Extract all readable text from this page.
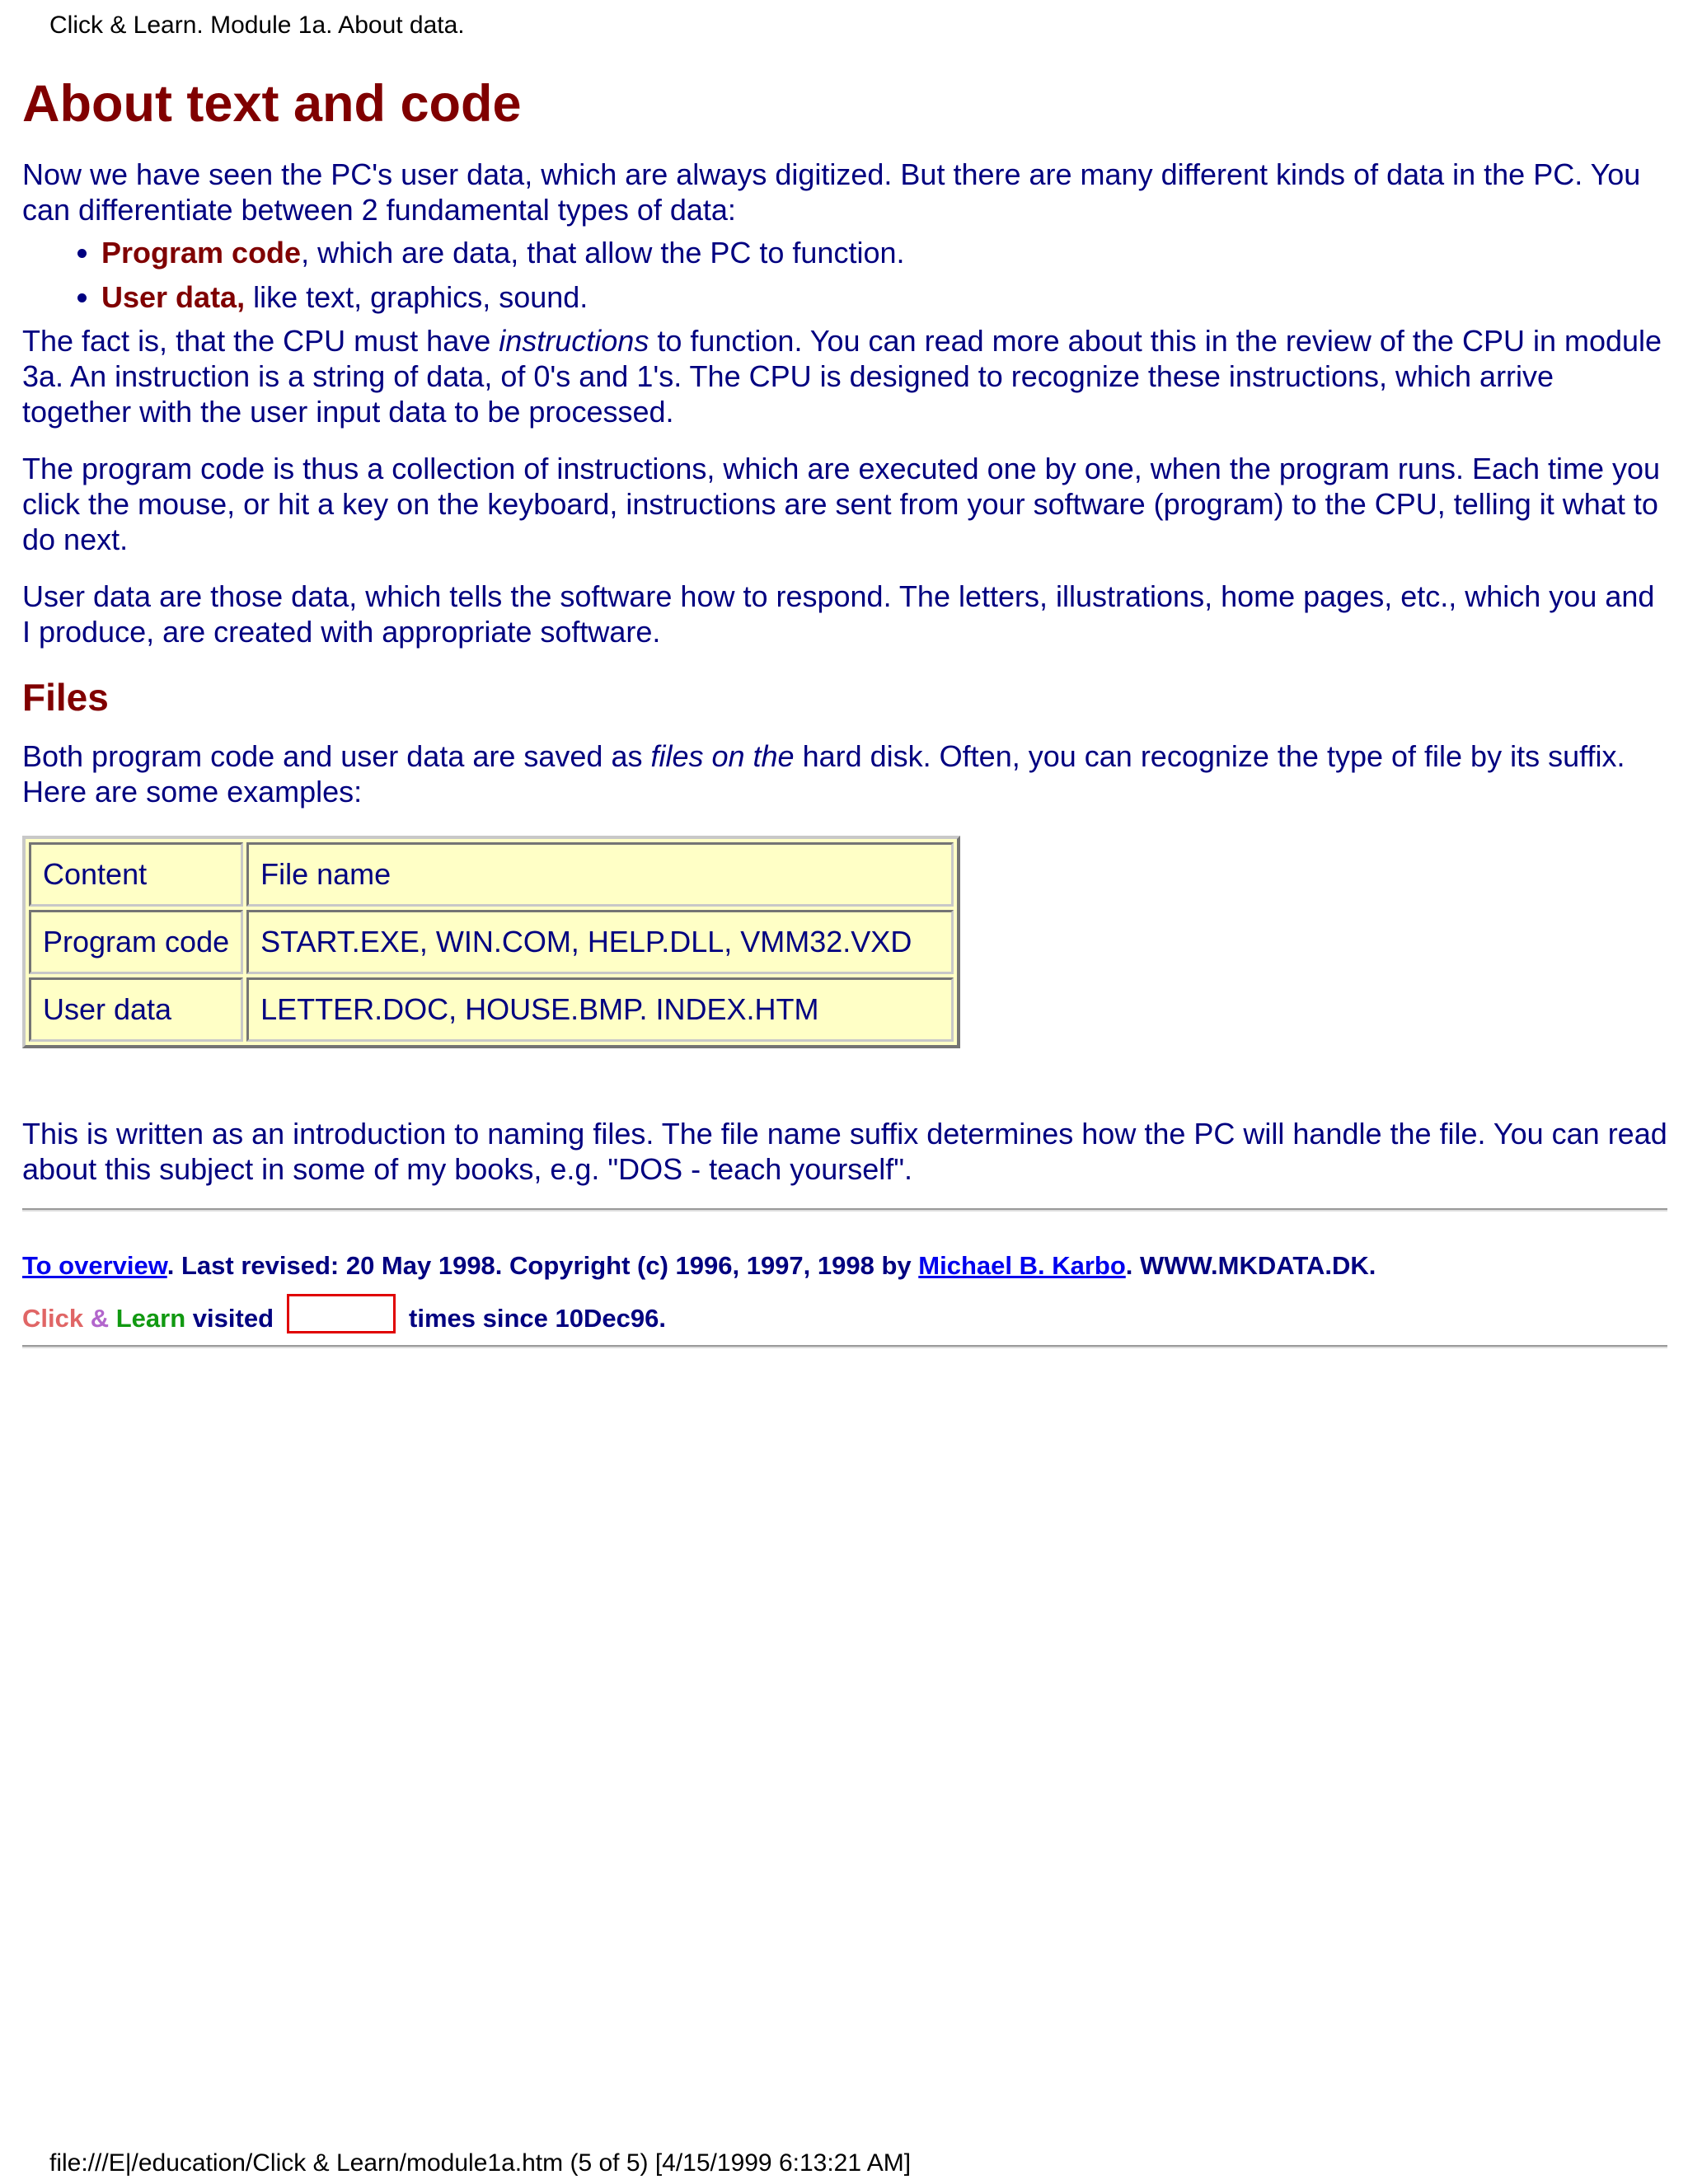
Click & Learn. Module 1a. About data.
About text and code

Now we have seen the PC's user data, which are always digitized. But there are many different kinds of data in the PC. You can differentiate between 2 fundamental types of data:

• Program code, which are data, that allow the PC to function.
• User data, like text, graphics, sound.

The fact is, that the CPU must have instructions to function. You can read more about this in the review of the CPU in module 3a. An instruction is a string of data, of 0's and 1's. The CPU is designed to recognize these instructions, which arrive together with the user input data to be processed.

The program code is thus a collection of instructions, which are executed one by one, when the program runs. Each time you click the mouse, or hit a key on the keyboard, instructions are sent from your software (program) to the CPU, telling it what to do next.

User data are those data, which tells the software how to respond. The letters, illustrations, home pages, etc., which you and I produce, are created with appropriate software.

Files

Both program code and user data are saved as files on the hard disk. Often, you can recognize the type of file by its suffix. Here are some examples:

Content	File name
Program code	START.EXE, WIN.COM, HELP.DLL, VMM32.VXD
User data	LETTER.DOC, HOUSE.BMP. INDEX.HTM

This is written as an introduction to naming files. The file name suffix determines how the PC will handle the file. You can read about this subject in some of my books, e.g. "DOS - teach yourself".

To overview. Last revised: 20 May 1998. Copyright (c) 1996, 1997, 1998 by Michael B. Karbo. WWW.MKDATA.DK.
Click
&
Learn
visited	times since 10Dec96.
file:///E|/education/Click & Learn/module1a.htm (5 of 5) [4/15/1999 6:13:21 AM]
